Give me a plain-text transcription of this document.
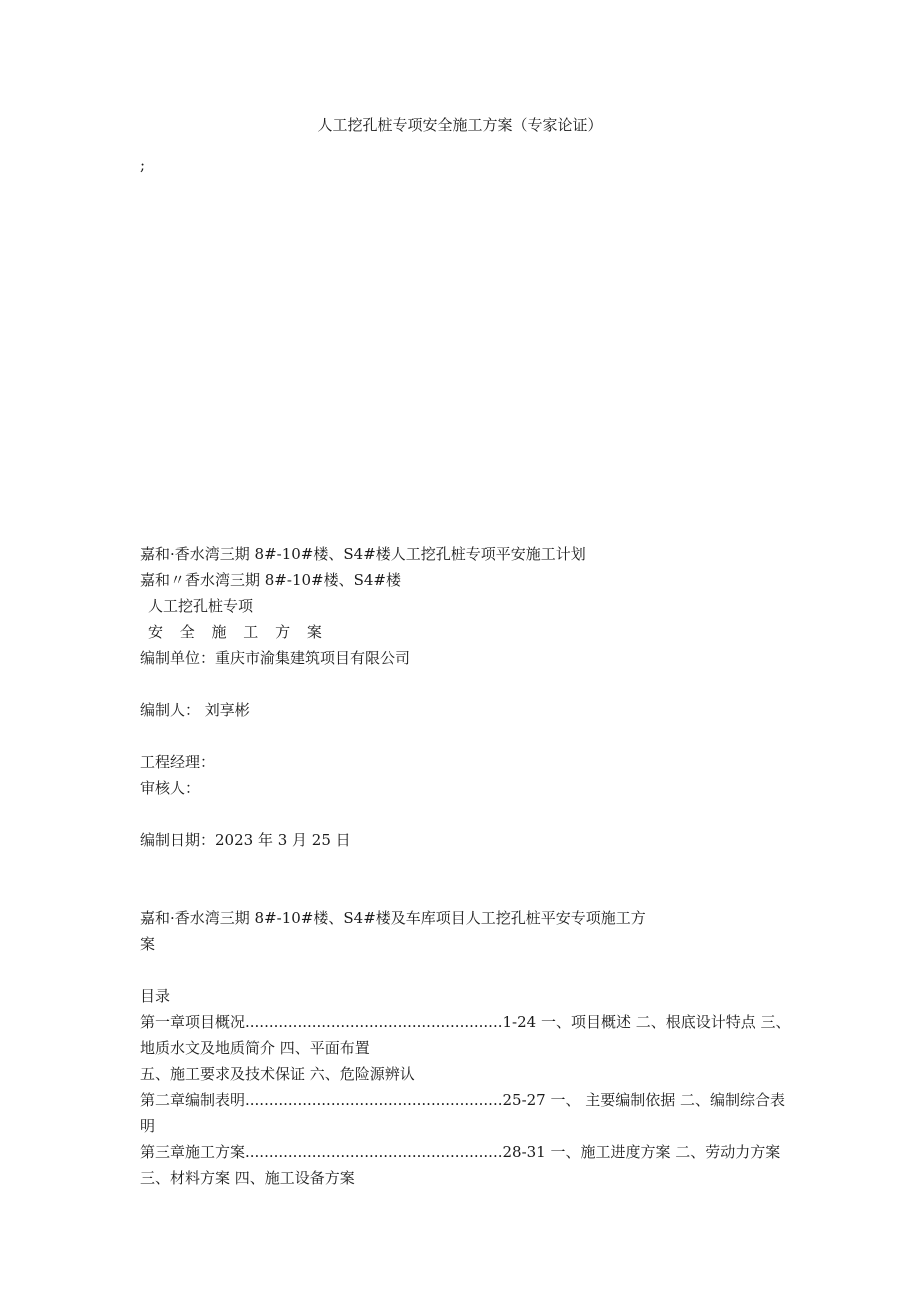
人工挖孔桩专项安全施工方案（专家论证）
;
嘉和·香水湾三期 8#-10#楼、S4#楼人工挖孔桩专项平安施工计划
嘉和〃香水湾三期 8#-10#楼、S4#楼
人工挖孔桩专项
安 全 施 工 方 案
编制单位：重庆市渝集建筑项目有限公司
编制人： 刘享彬
工程经理：
审核人：
编制日期：2023 年 3 月 25 日
嘉和·香水湾三期 8#-10#楼、S4#楼及车库项目人工挖孔桩平安专项施工方
案
目录
第一章项目概况......................................................1-24 一、项目概述 二、根底设计特点 三、
地质水文及地质简介 四、平面布置
五、施工要求及技术保证 六、危险源辨认
第二章编制表明......................................................25-27 一、 主要编制依据 二、编制综合表
明
第三章施工方案......................................................28-31 一、施工进度方案 二、劳动力方案
三、材料方案 四、施工设备方案
